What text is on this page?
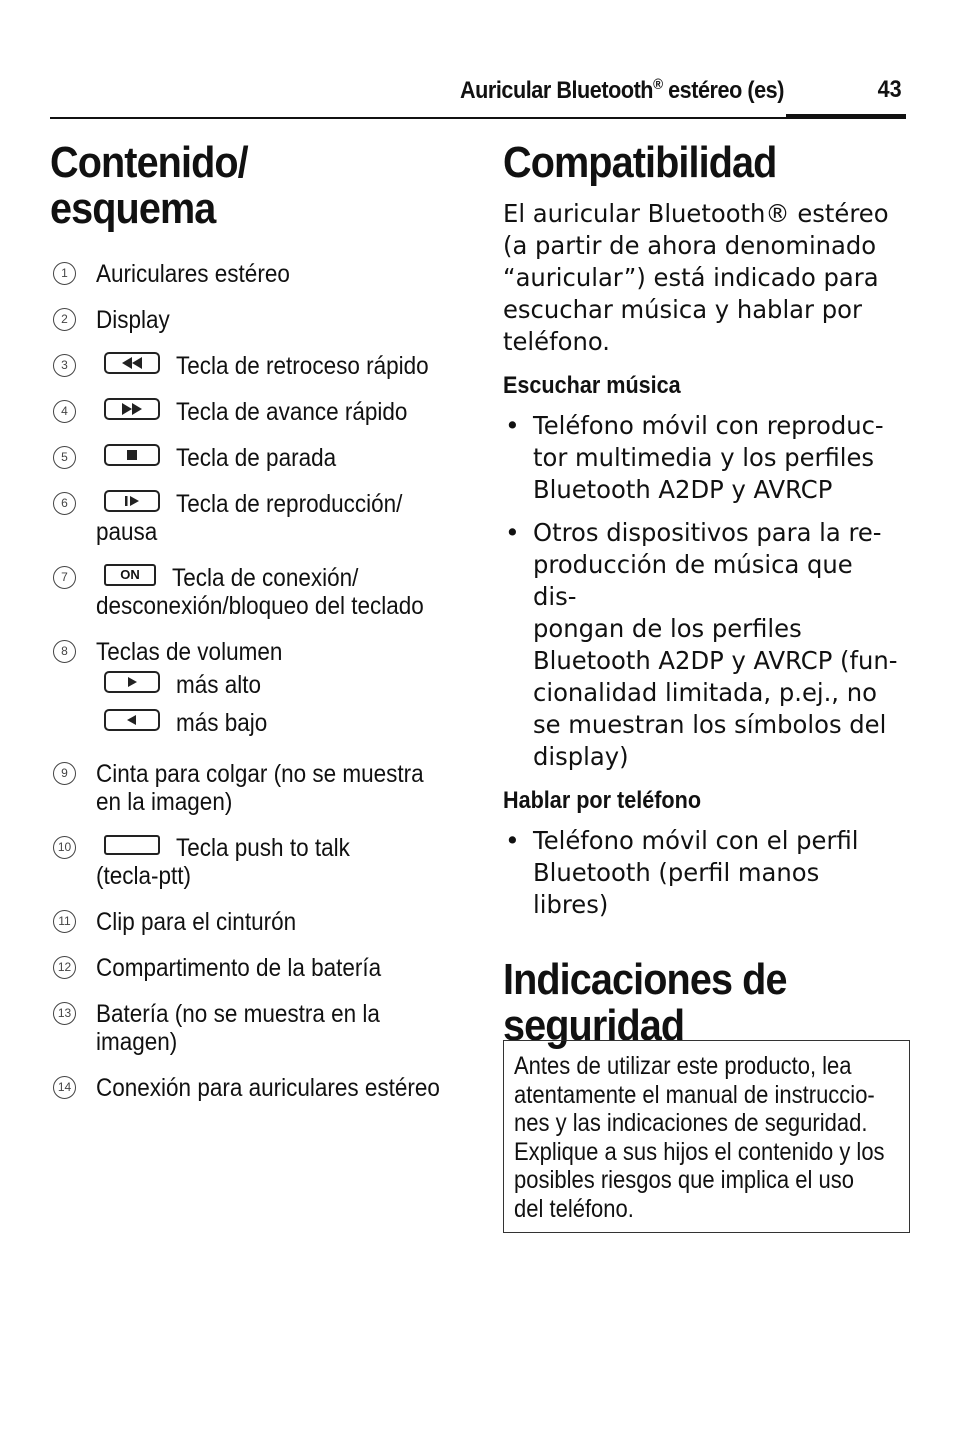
Auricular Bluetooth® estéreo (es)	43
Contenido/
esquema
1	Auriculares estéreo
2	Display
3	Tecla de retroceso rápido
4	Tecla de avance rápido
5	Tecla de parada
6	Tecla de reproducción/
pausa
7	ON Tecla de conexión/
desconexión/bloqueo del teclado
8	Teclas de volumen
más alto
más bajo
9	Cinta para colgar (no se muestra
en la imagen)
10	Tecla push to talk
(tecla-ptt)
11 Clip para el cinturón
12 Compartimento de la batería
13 Batería (no se muestra en la
imagen)
14 Conexión para auriculares estéreo
Compatibilidad

El auricular Bluetooth® estéreo
(a partir de ahora denominado
“auricular”) está indicado para
escuchar música y hablar por
teléfono.

Escuchar música
• Teléfono móvil con reproduc-
tor multimedia y los perfiles
Bluetooth A2DP y AVRCP
• Otros dispositivos para la re-
producción de música que dis-
pongan de los perfiles
Bluetooth A2DP y AVRCP (fun-
cionalidad limitada, p.ej., no
se muestran los símbolos del
display)
Hablar por teléfono
• Teléfono móvil con el perfil
Bluetooth (perfil manos
libres)
Indicaciones de
seguridad
Antes de utilizar este producto, lea
atentamente el manual de instruccio-
nes y las indicaciones de seguridad.
Explique a sus hijos el contenido y los
posibles riesgos que implica el uso
del teléfono.
